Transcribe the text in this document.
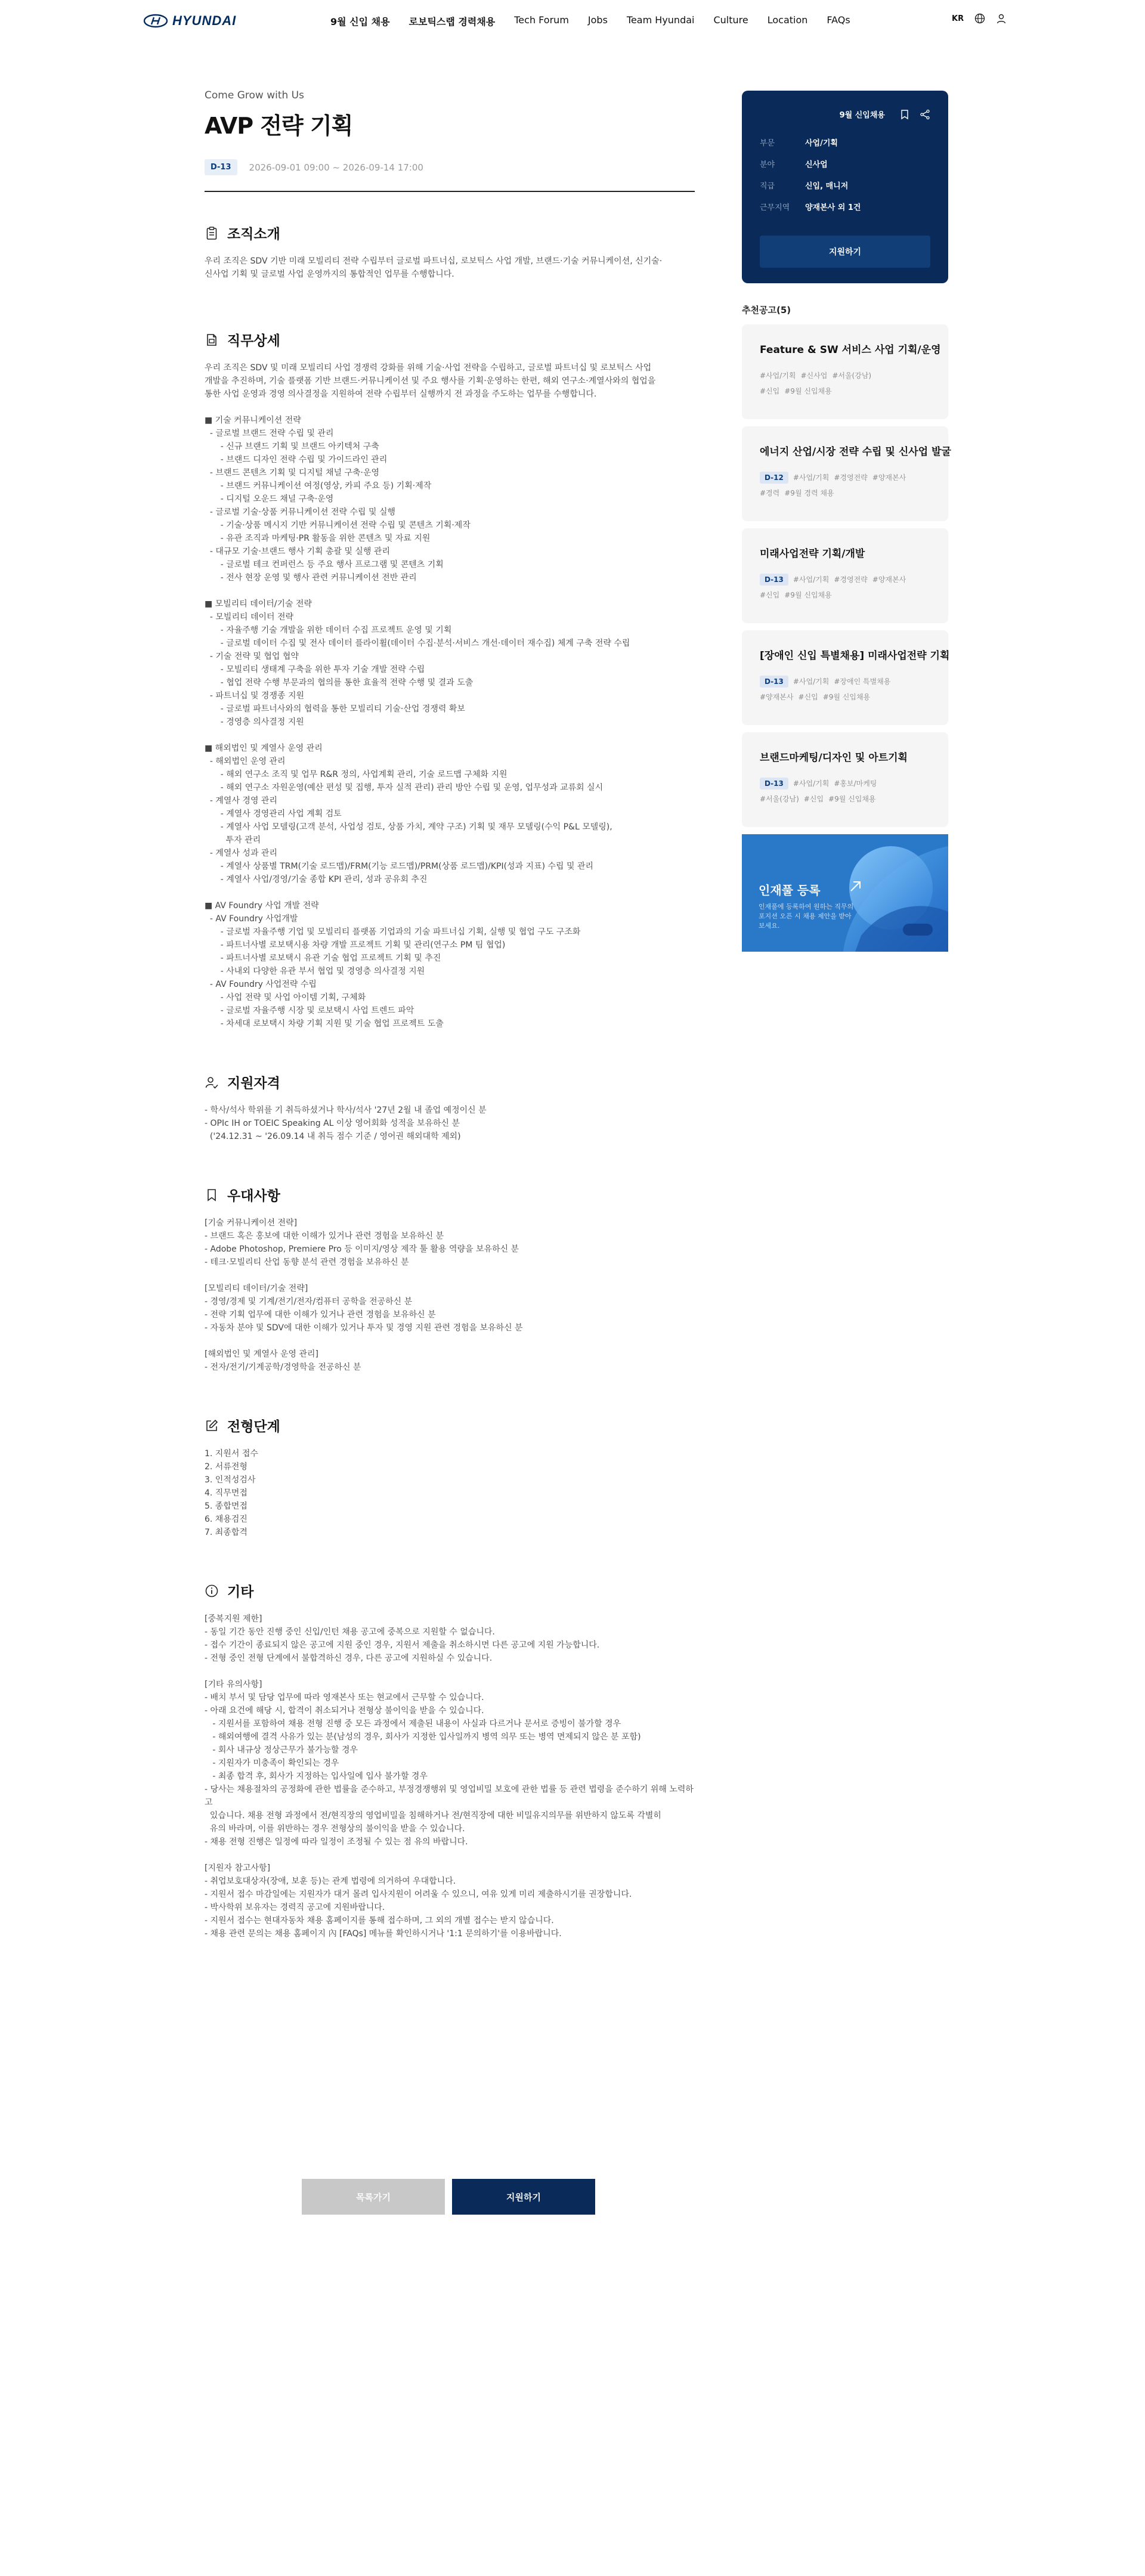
HYUNDAI	9월 신입 채용 로보틱스랩 경력채용 Tech Forum Jobs Team Hyundai Culture Location FAQs	KR

Come Grow with Us

AVP 전략 기획
D-13	2026-09-01 09:00 ~ 2026-09-14 17:00
조직소개

우리 조직은 SDV 기반 미래 모빌리티 전략 수립부터 글로벌 파트너십, 로보틱스 사업 개발, 브랜드·기술 커뮤니케이션, 신기술·
신사업 기획 및 글로벌 사업 운영까지의 통합적인 업무를 수행합니다.

직무상세

우리 조직은 SDV 및 미래 모빌리티 사업 경쟁력 강화를 위해 기술·사업 전략을 수립하고, 글로벌 파트너십 및 로보틱스 사업
개발을 추진하며, 기술 플랫폼 기반 브랜드·커뮤니케이션 및 주요 행사를 기획·운영하는 한편, 해외 연구소·계열사와의 협업을
통한 사업 운영과 경영 의사결정을 지원하여 전략 수립부터 실행까지 전 과정을 주도하는 업무를 수행합니다.

■ 기술 커뮤니케이션 전략
- 글로벌 브랜드 전략 수립 및 관리
- 신규 브랜드 기획 및 브랜드 아키텍처 구축
- 브랜드 디자인 전략 수립 및 가이드라인 관리
- 브랜드 콘텐츠 기획 및 디지털 채널 구축·운영
- 브랜드 커뮤니케이션 여정(영상, 카피 주요 등) 기획·제작
- 디지털 오운드 채널 구축·운영
- 글로벌 기술·상품 커뮤니케이션 전략 수립 및 실행
- 기술·상품 메시지 기반 커뮤니케이션 전략 수립 및 콘텐츠 기획·제작
- 유관 조직과 마케팅·PR 활동을 위한 콘텐츠 및 자료 지원
- 대규모 기술·브랜드 행사 기획 총괄 및 실행 관리
- 글로벌 테크 컨퍼런스 등 주요 행사 프로그램 및 콘텐츠 기획
- 전사 현장 운영 및 행사 관련 커뮤니케이션 전반 관리

■ 모빌리티 데이터/기술 전략
- 모빌리티 데이터 전략
- 자율주행 기술 개발을 위한 데이터 수집 프로젝트 운영 및 기획
- 글로벌 데이터 수집 및 전사 데이터 플라이휠(데이터 수집·분석·서비스 개선·데이터 재수집) 체계 구축 전략 수립
- 기술 전략 및 협업 협약
- 모빌리티 생태계 구축을 위한 투자 기술 개발 전략 수립
- 협업 전략 수행 부문과의 협의를 통한 효율적 전략 수행 및 결과 도출
- 파트너십 및 경쟁종 지원
- 글로벌 파트너사와의 협력을 통한 모빌리티 기술·산업 경쟁력 확보
- 경영층 의사결정 지원

■ 해외법인 및 계열사 운영 관리
- 해외법인 운영 관리
- 해외 연구소 조직 및 업무 R&R 정의, 사업계획 관리, 기술 로드맵 구체화 지원
- 해외 연구소 자원운영(예산 편성 및 집행, 투자 실적 관리) 관리 방안 수립 및 운영, 업무성과 교류회 실시
- 계열사 경영 관리
- 계열사 경영관리 사업 계획 검토
- 계열사 사업 모델링(고객 분석, 사업성 검토, 상품 가치, 계약 구조) 기획 및 재무 모델링(수익 P&L 모델링),
투자 관리
- 계열사 성과 관리
- 계열사 상품별 TRM(기술 로드맵)/FRM(기능 로드맵)/PRM(상품 로드맵)/KPI(성과 지표) 수립 및 관리
- 계열사 사업/경영/기술 종합 KPI 관리, 성과 공유회 추진

■ AV Foundry 사업 개발 전략
- AV Foundry 사업개발
- 글로벌 자율주행 기업 및 모빌리티 플랫폼 기업과의 기술 파트너십 기획, 실행 및 협업 구도 구조화
- 파트너사별 로보택시용 차량 개발 프로젝트 기획 및 관리(연구소 PM 팀 협업)
- 파트너사별 로보택시 유관 기술 협업 프로젝트 기획 및 추진
- 사내외 다양한 유관 부서 협업 및 경영층 의사결정 지원
- AV Foundry 사업전략 수립
- 사업 전략 및 사업 아이템 기획, 구체화
- 글로벌 자율주행 시장 및 로보택시 사업 트렌드 파악
- 차세대 로보택시 차량 기획 지원 및 기술 협업 프로젝트 도출

지원자격

- 학사/석사 학위를 기 취득하셨거나 학사/석사 '27년 2월 내 졸업 예정이신 분
- OPIc IH or TOEIC Speaking AL 이상 영어회화 성적을 보유하신 분
('24.12.31 ~ '26.09.14 내 취득 점수 기준 / 영어권 해외대학 제외)

우대사항

[기술 커뮤니케이션 전략]
- 브랜드 혹은 홍보에 대한 이해가 있거나 관련 경험을 보유하신 분
- Adobe Photoshop, Premiere Pro 등 이미지/영상 제작 툴 활용 역량을 보유하신 분
- 테크·모빌리티 산업 동향 분석 관련 경험을 보유하신 분

[모빌리티 데이터/기술 전략]
- 경영/경제 및 기계/전기/전자/컴퓨터 공학을 전공하신 분
- 전략 기획 업무에 대한 이해가 있거나 관련 경험을 보유하신 분
- 자동차 분야 및 SDV에 대한 이해가 있거나 투자 및 경영 지원 관련 경험을 보유하신 분

[해외법인 및 계열사 운영 관리]
- 전자/전기/기계공학/경영학을 전공하신 분

전형단계

1. 지원서 접수
2. 서류전형
3. 인적성검사
4. 직무면접
5. 종합면접
6. 채용검진
7. 최종합격

기타

[중복지원 제한]
- 동일 기간 동안 진행 중인 신입/인턴 채용 공고에 중복으로 지원할 수 없습니다.
- 접수 기간이 종료되지 않은 공고에 지원 중인 경우, 지원서 제출을 취소하시면 다른 공고에 지원 가능합니다.
- 전형 중인 전형 단계에서 불합격하신 경우, 다른 공고에 지원하실 수 있습니다.

[기타 유의사항]
- 배치 부서 및 담당 업무에 따라 영재본사 또는 현교에서 근무할 수 있습니다.
- 아래 요건에 해당 시, 합격이 취소되거나 전형상 불이익을 받을 수 있습니다.
- 지원서를 포함하여 채용 전형 진행 중 모든 과정에서 제출된 내용이 사실과 다르거나 문서로 증빙이 불가할 경우
- 해외여행에 결격 사유가 있는 분(남성의 경우, 회사가 지정한 입사일까지 병역 의무 또는 병역 면제되지 않은 분 포함)
- 회사 내규상 정상근무가 불가능할 경우
- 지원자가 미충족이 확인되는 경우
- 최종 합격 후, 회사가 지정하는 입사일에 입사 불가할 경우
- 당사는 채용절차의 공정화에 관한 법률을 준수하고, 부정경쟁행위 및 영업비밀 보호에 관한 법률 등 관련 법령을 준수하기 위해 노력하고
있습니다. 채용 전형 과정에서 전/현직장의 영업비밀을 침해하거나 전/현직장에 대한 비밀유지의무를 위반하지 않도록 각별히
유의 바라며, 이를 위반하는 경우 전형상의 불이익을 받을 수 있습니다.
- 채용 전형 진행은 일정에 따라 일정이 조정될 수 있는 점 유의 바랍니다.

[지원자 참고사항]
- 취업보호대상자(장애, 보훈 등)는 관계 법령에 의거하여 우대합니다.
- 지원서 접수 마감일에는 지원자가 대거 몰려 입사지원이 어려울 수 있으니, 여유 있게 미리 제출하시기를 권장합니다.
- 박사학위 보유자는 경력직 공고에 지원바랍니다.
- 지원서 접수는 현대자동차 채용 홈페이지를 통해 접수하며, 그 외의 개별 접수는 받지 않습니다.
- 채용 관련 문의는 채용 홈페이지 內 [FAQs] 메뉴를 확인하시거나 '1:1 문의하기'를 이용바랍니다.

목록가기	지원하기
9월 신입채용
부문	사업/기획
분야	신사업
직급	신입, 매니저
근무지역	양재본사 외 1건
지원하기
추천공고(5)
Feature & SW 서비스 사업 기획/운영
#사업/기획 #신사업 #서울(강남)
#신입 #9월 신입채용
에너지 산업/시장 전략 수립 및 신사업 발굴
D-12 #사업/기획 #경영전략 #양재본사
#경력 #9월 경력 채용
미래사업전략 기획/개발
D-13 #사업/기획 #경영전략 #양재본사
#신입 #9월 신입채용
[장애인 신입 특별채용] 미래사업전략 기획
D-13 #사업/기획 #장애인 특별채용
#양재본사 #신입 #9월 신입채용
브랜드마케팅/디자인 및 아트기획
D-13 #사업/기획 #홍보/마케팅
#서울(강남) #신입 #9월 신입채용
인재풀 등록
인재풀에 등록하여 원하는 직무의 포지션 오픈 시 채용 제안을 받아 보세요.
